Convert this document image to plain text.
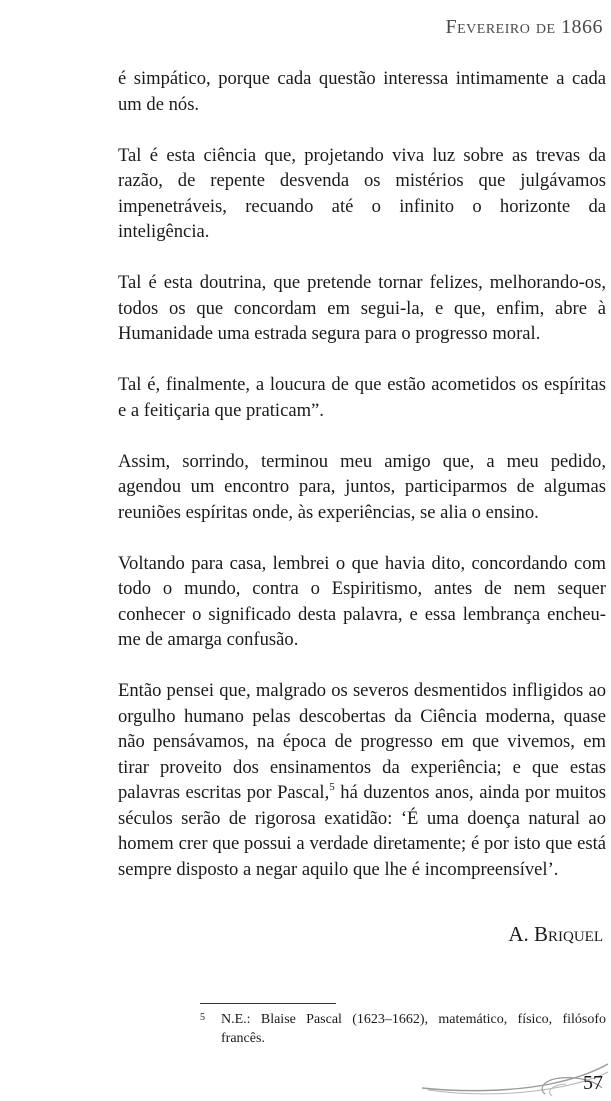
Fevereiro de 1866

é simpático, porque cada questão interessa intimamente a cada um de nós.

Tal é esta ciência que, projetando viva luz sobre as trevas da razão, de repente desvenda os mistérios que julgávamos impenetráveis, recuando até o infinito o horizonte da inteligência.

Tal é esta doutrina, que pretende tornar felizes, melhorando-os, todos os que concordam em segui-la, e que, enfim, abre à Humanidade uma estrada segura para o progresso moral.

Tal é, finalmente, a loucura de que estão acometidos os espíritas e a feitiçaria que praticam”.

Assim, sorrindo, terminou meu amigo que, a meu pedido, agendou um encontro para, juntos, participarmos de algumas reuniões espíritas onde, às experiências, se alia o ensino.

Voltando para casa, lembrei o que havia dito, concordando com todo o mundo, contra o Espiritismo, antes de nem sequer conhecer o significado desta palavra, e essa lembrança encheu-me de amarga confusão.

Então pensei que, malgrado os severos desmentidos infligidos ao orgulho humano pelas descobertas da Ciência moderna, quase não pensávamos, na época de progresso em que vivemos, em tirar proveito dos ensinamentos da experiência; e que estas palavras escritas por Pascal,$^5$ há duzentos anos, ainda por muitos séculos serão de rigorosa exatidão: ‘É uma doença natural ao homem crer que possui a verdade diretamente; é por isto que está sempre disposto a negar aquilo que lhe é incompreensível’.

A. Briquel
5 N.E.: Blaise Pascal (1623–1662), matemático, físico, filósofo francês.
57
